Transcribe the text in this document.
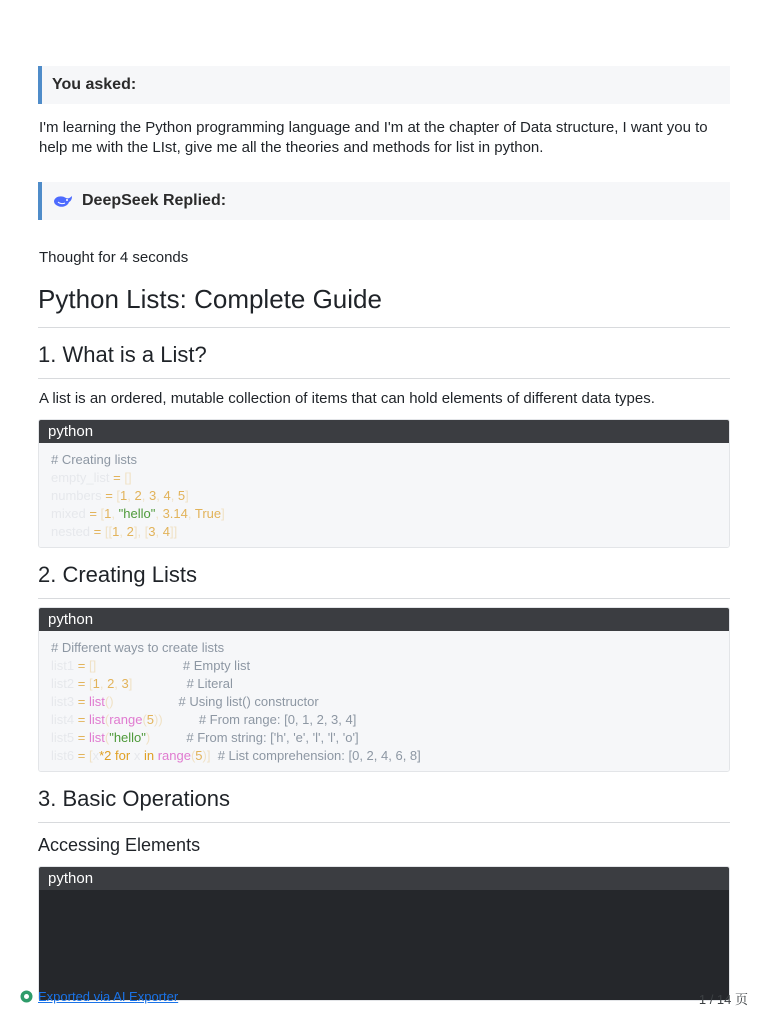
You asked:
I'm learning the Python programming language and I'm at the chapter of Data structure, I want you to help me with the LIst, give me all the theories and methods for list in python.
DeepSeek Replied:
Thought for 4 seconds
Python Lists: Complete Guide
1. What is a List?
A list is an ordered, mutable collection of items that can hold elements of different data types.
python
# Creating lists
empty_list = []
numbers = [1, 2, 3, 4, 5]
mixed = [1, "hello", 3.14, True]
nested = [[1, 2], [3, 4]]
2. Creating Lists
python
# Different ways to create lists
list1 = []	# Empty list
list2 = [1, 2, 3]	# Literal
list3 = list()	# Using list() constructor
list4 = list(range(5))	# From range: [0, 1, 2, 3, 4]
list5 = list("hello")	# From string: ['h', 'e', 'l', 'l', 'o']
list6 = [x*2 for x in range(5)] # List comprehension: [0, 2, 4, 6, 8]
3. Basic Operations
Accessing Elements
python
Exported via AI Exporter	1 / 14 页
